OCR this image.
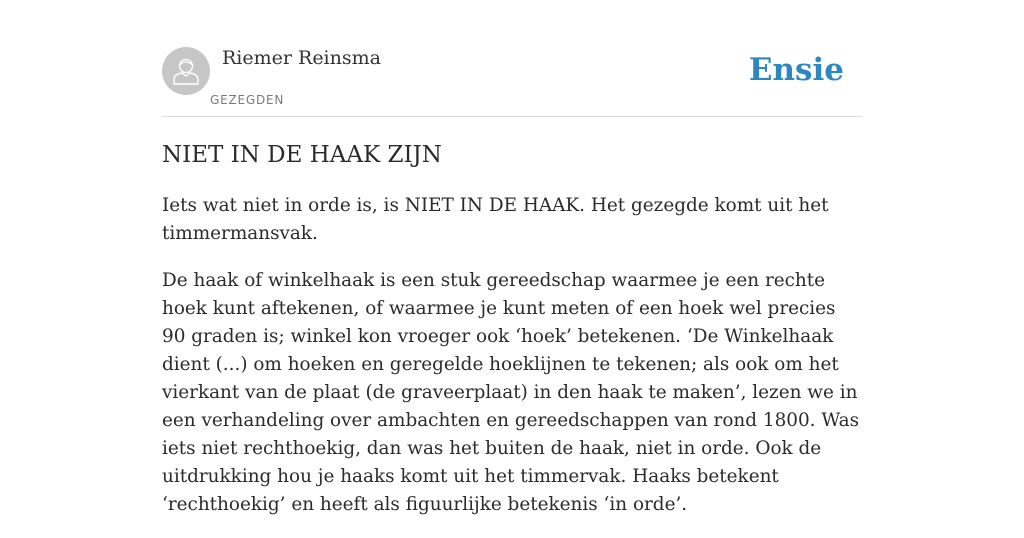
Riemer Reinsma
GEZEGDEN
Ensie
NIET IN DE HAAK ZIJN

Iets wat niet in orde is, is NIET IN DE HAAK. Het gezegde komt uit het timmermansvak.

De haak of winkelhaak is een stuk gereedschap waarmee je een rechte hoek kunt aftekenen, of waarmee je kunt meten of een hoek wel precies 90 graden is; winkel kon vroeger ook ‘hoek’ betekenen. ‘De Winkelhaak dient (...) om hoeken en geregelde hoeklijnen te tekenen; als ook om het vierkant van de plaat (de graveerplaat) in den haak te maken’, lezen we in een verhandeling over ambachten en gereedschappen van rond 1800. Was iets niet rechthoekig, dan was het buiten de haak, niet in orde. Ook de uitdrukking hou je haaks komt uit het timmervak. Haaks betekent ‘rechthoekig’ en heeft als figuurlijke betekenis ‘in orde’.
